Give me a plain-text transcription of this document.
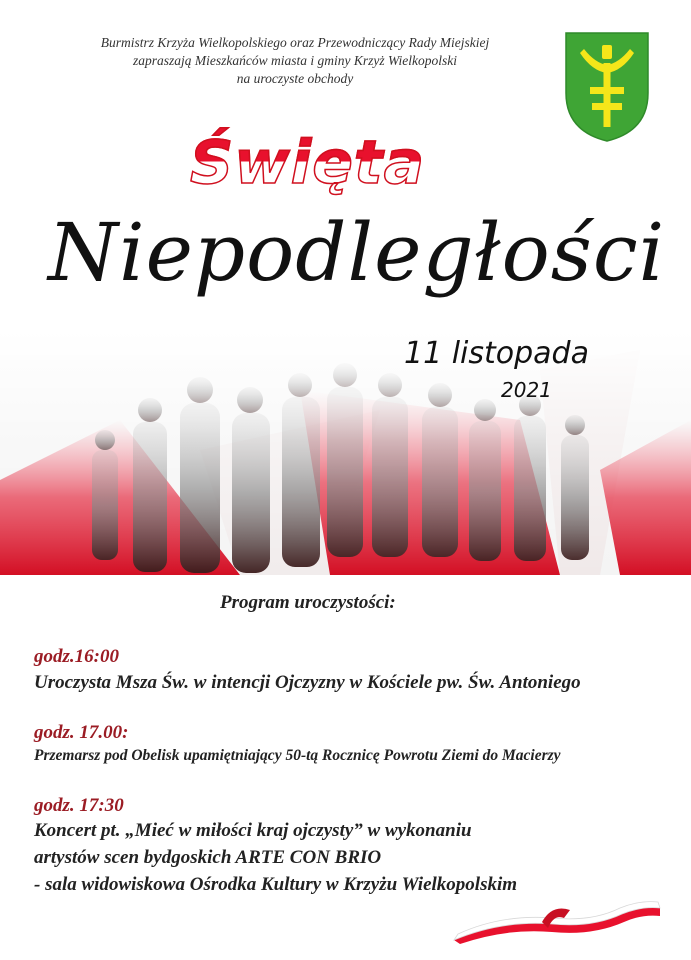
Burmistrz Krzyża Wielkopolskiego oraz Przewodniczący Rady Miejskiej
zapraszają Mieszkańców miasta i gminy Krzyż Wielkopolski
na uroczyste obchody
Święta
Niepodległości
11 listopada
2021
Program uroczystości:
godz.16:00
Uroczysta Msza Św. w intencji Ojczyzny w Kościele pw. Św. Antoniego
godz. 17.00:
Przemarsz pod Obelisk upamiętniający 50-tą Rocznicę Powrotu Ziemi do Macierzy
godz. 17:30
Koncert pt. „Mieć w miłości kraj ojczysty” w wykonaniu
artystów scen bydgoskich ARTE CON BRIO
- sala widowiskowa Ośrodka Kultury w Krzyżu Wielkopolskim
